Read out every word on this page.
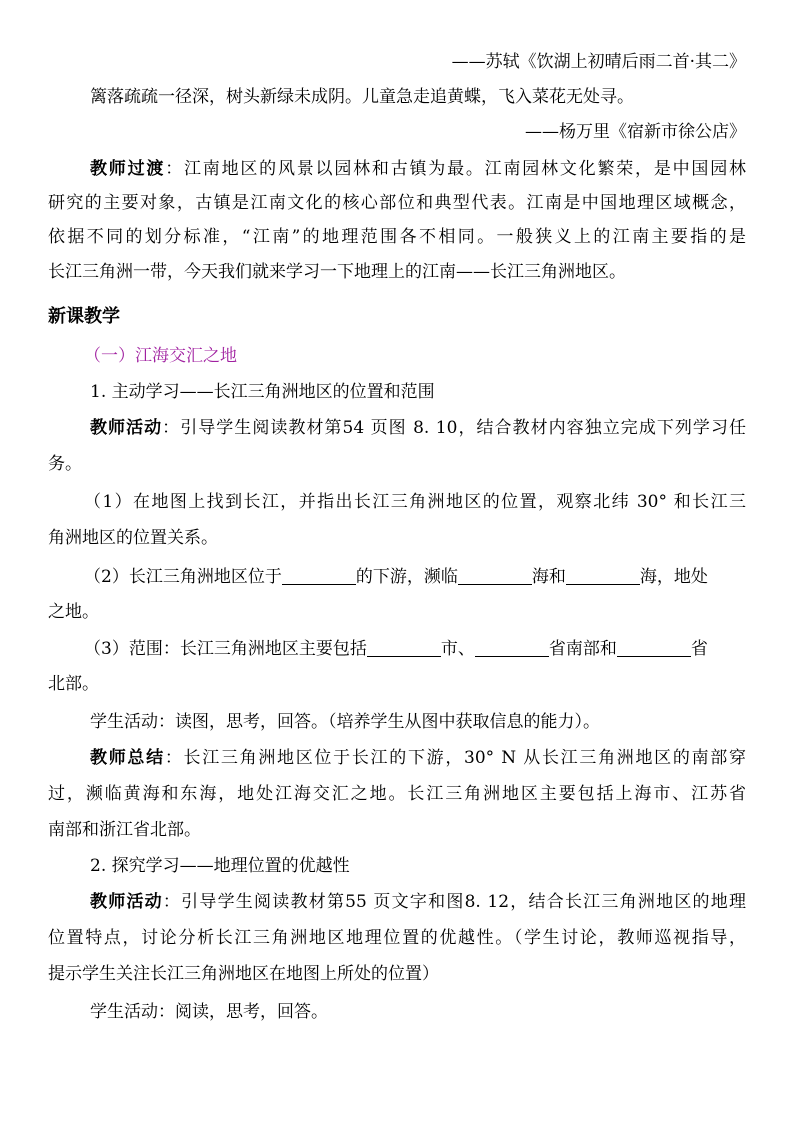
——苏轼《饮湖上初晴后雨二首·其二》
篱落疏疏一径深，树头新绿未成阴。儿童急走追黄蝶，飞入菜花无处寻。
——杨万里《宿新市徐公店》
教师过渡：江南地区的风景以园林和古镇为最。江南园林文化繁荣，是中国园林
研究的主要对象，古镇是江南文化的核心部位和典型代表。江南是中国地理区域概念，
依据不同的划分标准，“江南”的地理范围各不相同。一般狭义上的江南主要指的是
长江三角洲一带，今天我们就来学习一下地理上的江南——长江三角洲地区。
新课教学
（一）江海交汇之地
1. 主动学习——长江三角洲地区的位置和范围
教师活动：引导学生阅读教材第54 页图 8. 10，结合教材内容独立完成下列学习任
务。
（1）在地图上找到长江，并指出长江三角洲地区的位置，观察北纬 30° 和长江三
角洲地区的位置关系。
（2）长江三角洲地区位于	的下游，濒临	海和	海，地处
之地。
（3）范围：长江三角洲地区主要包括	市、	省南部和	省
北部。
学生活动：读图，思考，回答。（培养学生从图中获取信息的能力）。
教师总结：长江三角洲地区位于长江的下游，30° N 从长江三角洲地区的南部穿
过，濒临黄海和东海，地处江海交汇之地。长江三角洲地区主要包括上海市、江苏省
南部和浙江省北部。
2. 探究学习——地理位置的优越性
教师活动：引导学生阅读教材第55 页文字和图8. 12，结合长江三角洲地区的地理
位置特点，讨论分析长江三角洲地区地理位置的优越性。（学生讨论，教师巡视指导，
提示学生关注长江三角洲地区在地图上所处的位置）
学生活动：阅读，思考，回答。
